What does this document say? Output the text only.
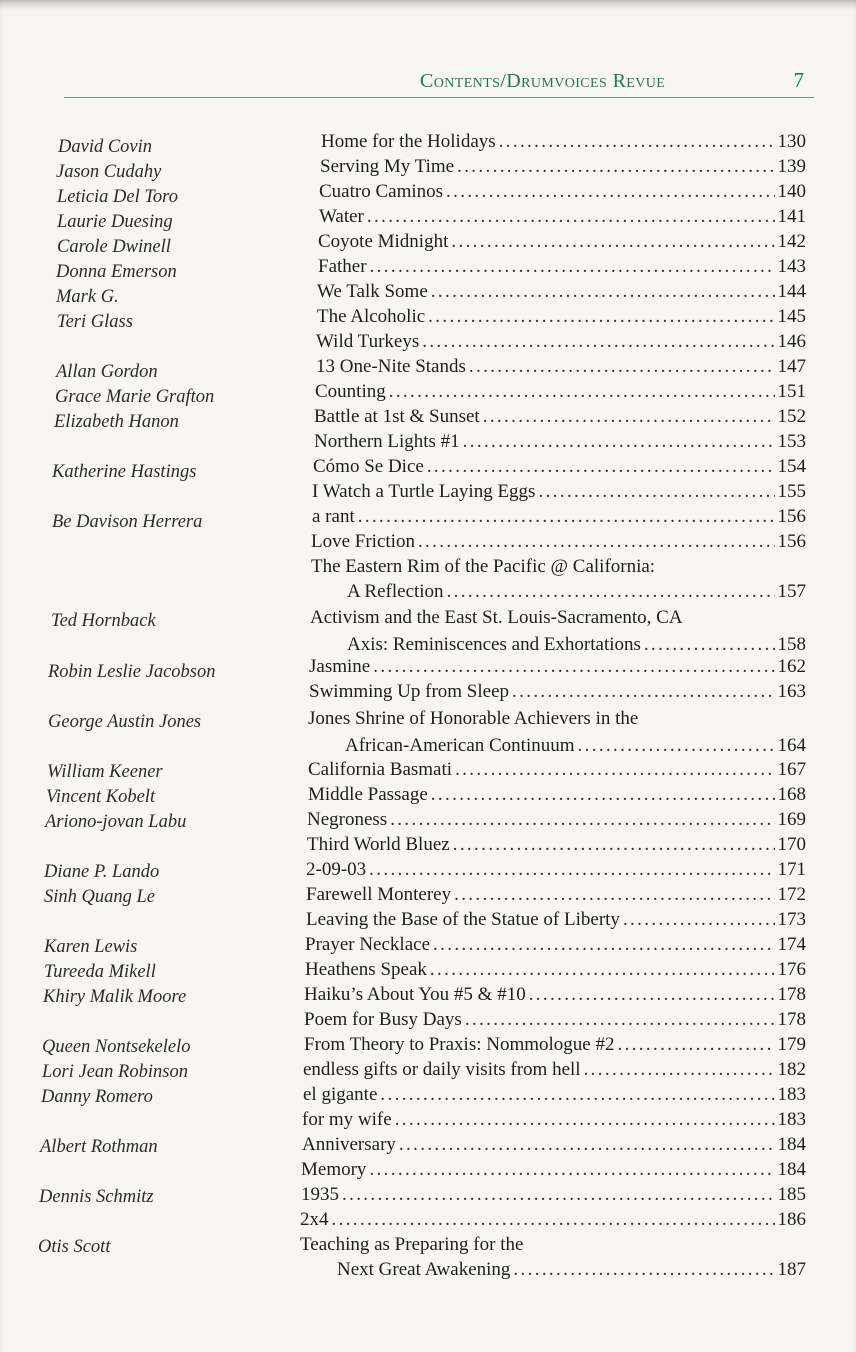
Contents/Drumvoices Revue	7
David Covin
Jason Cudahy
Leticia Del Toro
Laurie Duesing
Carole Dwinell
Donna Emerson
Mark G.
Teri Glass
Allan Gordon
Grace Marie Grafton
Elizabeth Hanon
Katherine Hastings
Be Davison Herrera
Ted Hornback
Robin Leslie Jacobson
George Austin Jones
William Keener
Vincent Kobelt
Ariono-jovan Labu
Diane P. Lando
Sinh Quang Le
Karen Lewis
Tureeda Mikell
Khiry Malik Moore
Queen Nontsekelelo
Lori Jean Robinson
Danny Romero
Albert Rothman
Dennis Schmitz
Otis Scott
Home for the Holidays . . .	130
Serving My Time . . .	139
Cuatro Caminos . . .	140
Water . . .	141
Coyote Midnight . . .	142
Father . . .	143
We Talk Some . . .	144
The Alcoholic . . .	145
Wild Turkeys . . .	146
13 One-Nite Stands . . .	147
Counting . . .	151
Battle at 1st & Sunset . . .	152
Northern Lights #1 . . .	153
Cómo Se Dice . . .	154
I Watch a Turtle Laying Eggs . . .	155
a rant . . .	156
Love Friction . . .	156
The Eastern Rim of the Pacific @ California:
A Reflection . . .	157
Activism and the East St. Louis-Sacramento, CA
Axis: Reminiscences and Exhortations . . .	158
Jasmine . . .	162
Swimming Up from Sleep . . .	163
Jones Shrine of Honorable Achievers in the
African-American Continuum . . .	164
California Basmati . . .	167
Middle Passage . . .	168
Negroness . . .	169
Third World Bluez . . .	170
2-09-03 . . .	171
Farewell Monterey . . .	172
Leaving the Base of the Statue of Liberty . . .	173
Prayer Necklace . . .	174
Heathens Speak . . .	176
Haiku’s About You #5 & #10 . . .	178
Poem for Busy Days . . .	178
From Theory to Praxis: Nommologue #2 . . .	179
endless gifts or daily visits from hell . . .	182
el gigante . . .	183
for my wife . . .	183
Anniversary . . .	184
Memory . . .	184
1935 . . .	185
2x4 . . .	186
Teaching as Preparing for the
Next Great Awakening . . .	187
